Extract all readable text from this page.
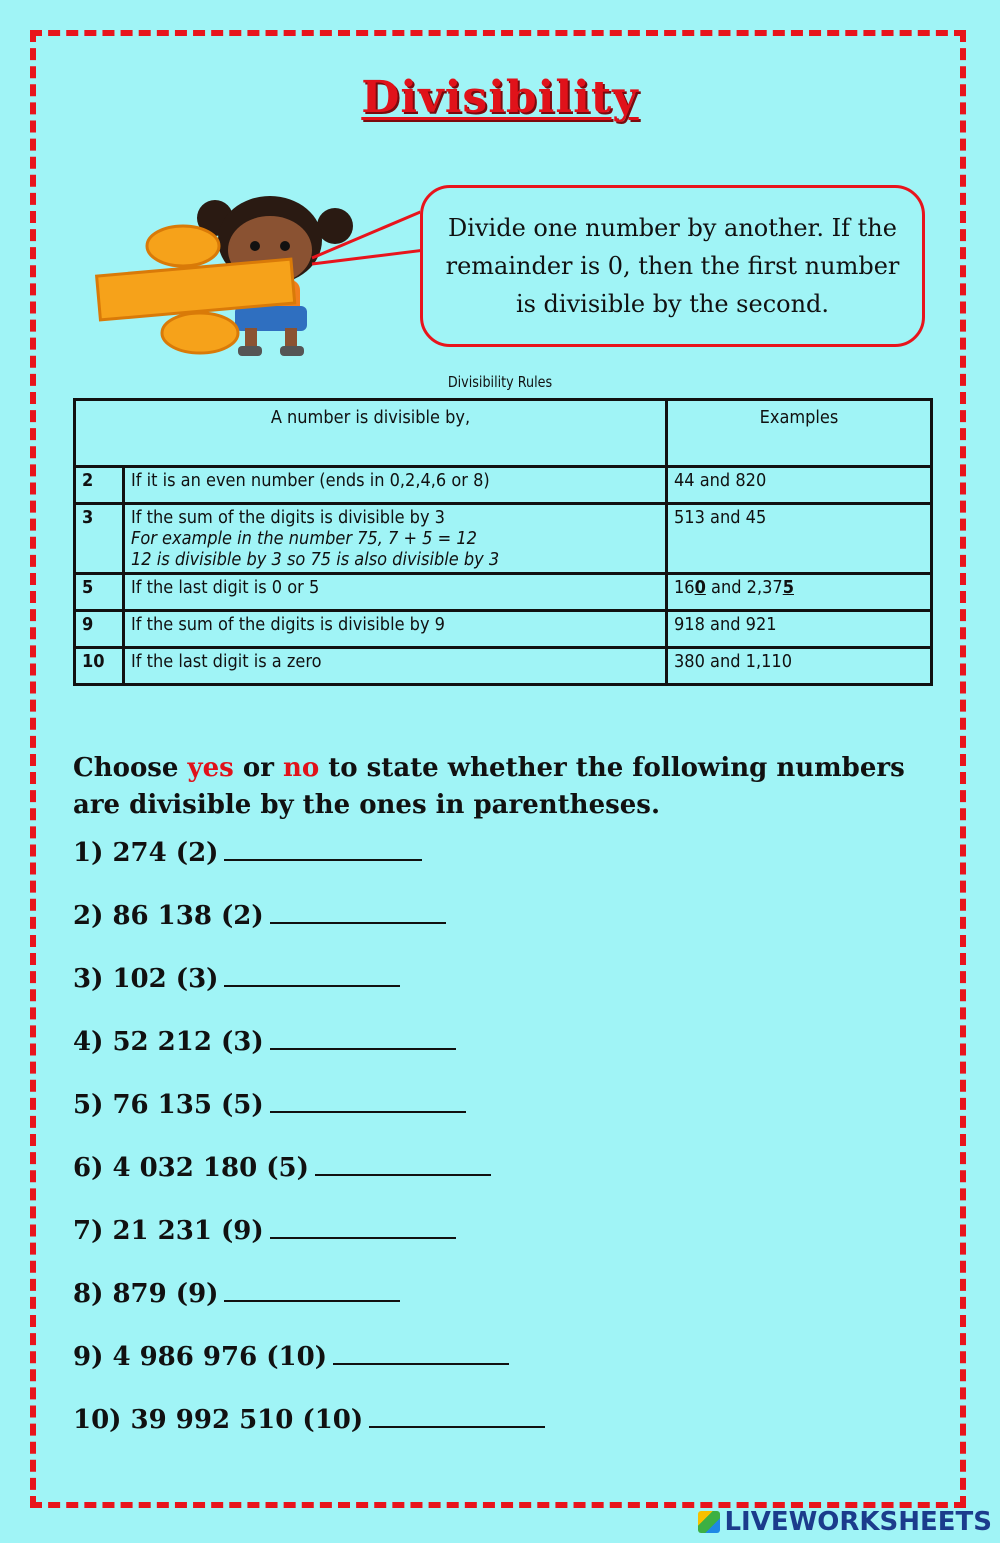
Divisibility
Divide one number by another. If the remainder is 0, then the first number is divisible by the second.
Divisibility Rules
A number is divisible by,		Examples
2	If it is an even number (ends in 0,2,4,6 or 8)	44 and 820
3	If the sum of the digits is divisible by 3
For example in the number 75, 7 + 5 = 12
12 is divisible by 3 so 75 is also divisible by 3	513 and 45
5	If the last digit is 0 or 5	160 and 2,375
9	If the sum of the digits is divisible by 9	918 and 921
10	If the last digit is a zero	380 and 1,110
Choose yes or no to state whether the following numbers are divisible by the ones in parentheses.
1) 274 (2)
2) 86 138 (2)
3) 102 (3)
4) 52 212 (3)
5) 76 135 (5)
6) 4 032 180 (5)
7) 21 231 (9)
8) 879 (9)
9) 4 986 976 (10)
10) 39 992 510 (10)
LIVEWORKSHEETS
